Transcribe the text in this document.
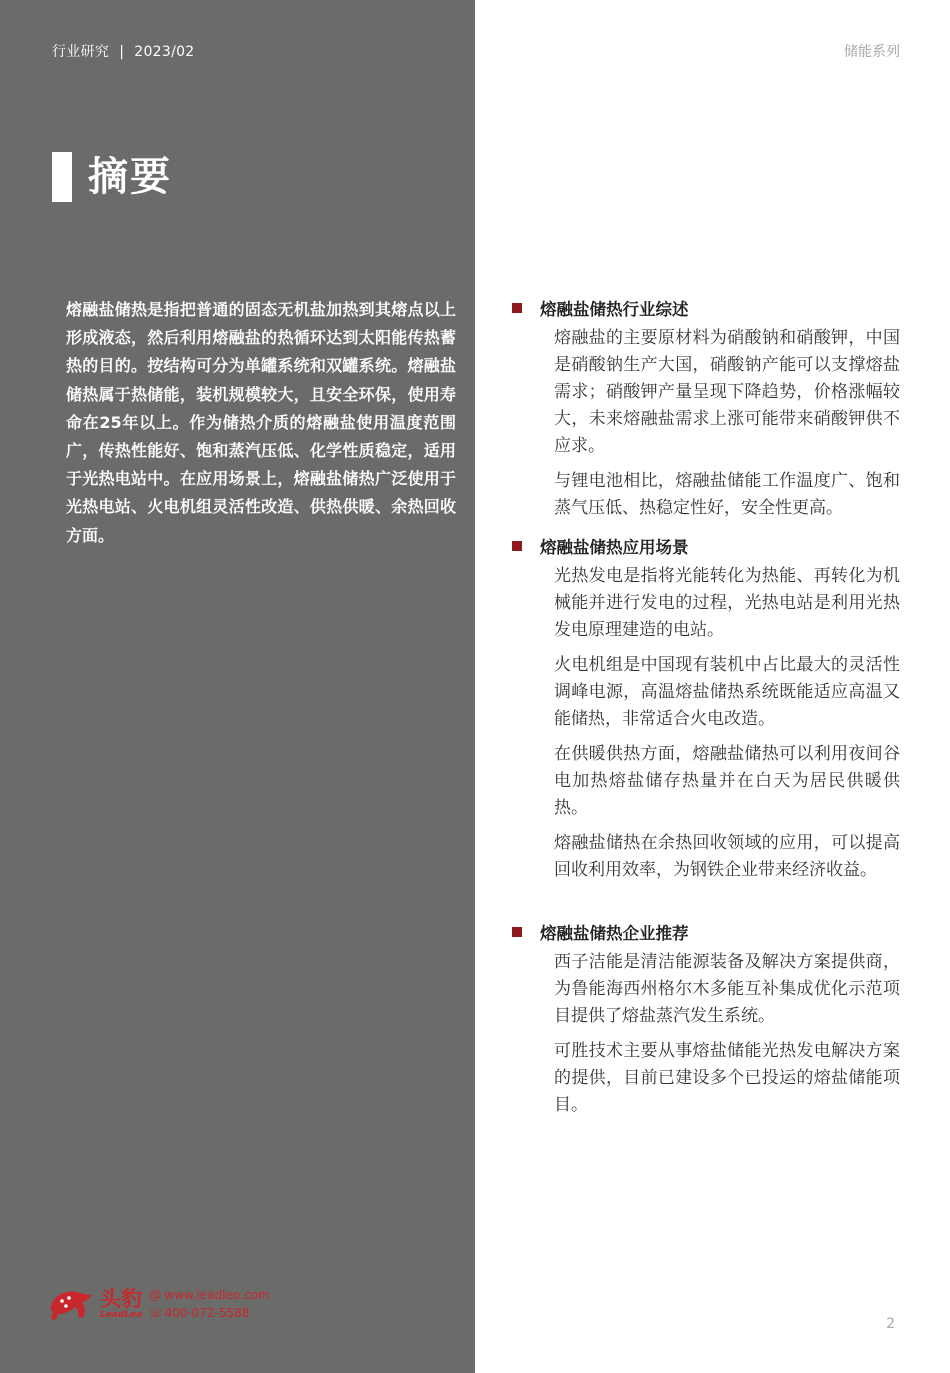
行业研究 | 2023/02	储能系列
摘要

熔融盐储热是指把普通的固态无机盐加热到其熔点以上形成液态，然后利用熔融盐的热循环达到太阳能传热蓄热的目的。按结构可分为单罐系统和双罐系统。熔融盐储热属于热储能，装机规模较大，且安全环保，使用寿命在25年以上。作为储热介质的熔融盐使用温度范围广，传热性能好、饱和蒸汽压低、化学性质稳定，适用于光热电站中。在应用场景上，熔融盐储热广泛使用于光热电站、火电机组灵活性改造、供热供暖、余热回收方面。

头豹
LeadLeo
@ www.leadleo.com
☏400-072-5588
熔融盐储热行业综述

熔融盐的主要原材料为硝酸钠和硝酸钾，中国是硝酸钠生产大国，硝酸钠产能可以支撑熔盐需求；硝酸钾产量呈现下降趋势，价格涨幅较大，未来熔融盐需求上涨可能带来硝酸钾供不应求。

与锂电池相比，熔融盐储能工作温度广、饱和蒸气压低、热稳定性好，安全性更高。

熔融盐储热应用场景

光热发电是指将光能转化为热能、再转化为机械能并进行发电的过程，光热电站是利用光热发电原理建造的电站。

火电机组是中国现有装机中占比最大的灵活性调峰电源，高温熔盐储热系统既能适应高温又能储热，非常适合火电改造。

在供暖供热方面，熔融盐储热可以利用夜间谷电加热熔盐储存热量并在白天为居民供暖供热。

熔融盐储热在余热回收领域的应用，可以提高回收利用效率，为钢铁企业带来经济收益。

熔融盐储热企业推荐

西子洁能是清洁能源装备及解决方案提供商，为鲁能海西州格尔木多能互补集成优化示范项目提供了熔盐蒸汽发生系统。

可胜技术主要从事熔盐储能光热发电解决方案的提供，目前已建设多个已投运的熔盐储能项目。

2
